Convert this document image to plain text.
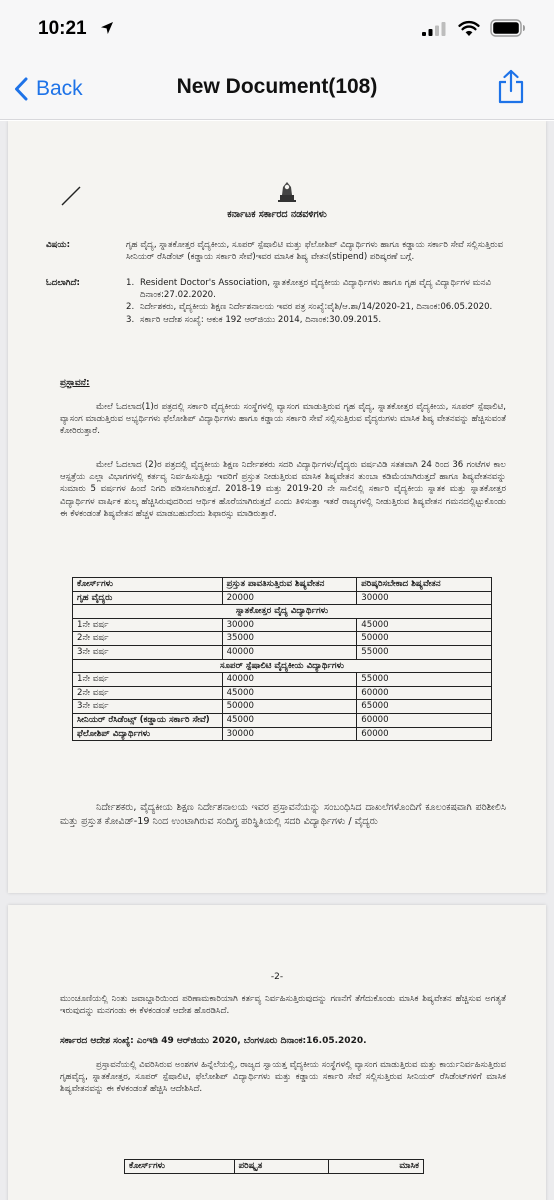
10:21
Back	New Document(108)
ಕರ್ನಾಟಕ ಸರ್ಕಾರದ ನಡವಳಿಗಳು
ವಿಷಯ:	ಗೃಹ ವೈದ್ಯ, ಸ್ನಾತಕೋತ್ತರ ವೈದ್ಯಕೀಯ, ಸೂಪರ್ ಸ್ಪೆಷಾಲಿಟಿ ಮತ್ತು ಫೆಲೋಶಿಪ್ ವಿದ್ಯಾರ್ಥಿಗಳು ಹಾಗೂ ಕಡ್ಡಾಯ ಸರ್ಕಾರಿ ಸೇವೆ ಸಲ್ಲಿಸುತ್ತಿರುವ ಸೀನಿಯರ್ ರೆಸಿಡೆಂಟ್ (ಕಡ್ಡಾಯ ಸರ್ಕಾರಿ ಸೇವೆ)ಇವರ ಮಾಸಿಕ ಶಿಷ್ಯ ವೇತನ(stipend) ಪರಿಷ್ಕರಣೆ ಬಗ್ಗೆ.
ಓದಲಾಗಿದೆ:	1. Resident Doctor's Association, ಸ್ನಾತಕೋತ್ತರ ವೈದ್ಯಕೀಯ ವಿದ್ಯಾರ್ಥಿಗಳು ಹಾಗೂ ಗೃಹ ವೈದ್ಯ ವಿದ್ಯಾರ್ಥಿಗಳ ಮನವಿ ದಿನಾಂಕ:27.02.2020.
2. ನಿರ್ದೇಶಕರು, ವೈದ್ಯಕೀಯ ಶಿಕ್ಷಣ ನಿರ್ದೇಶನಾಲಯ ಇವರ ಪತ್ರ ಸಂಖ್ಯೆ:ವೈಶಿ/ಆ.ಶಾ/14/2020-21, ದಿನಾಂಕ:06.05.2020.
3. ಸರ್ಕಾರಿ ಆದೇಶ ಸಂಖ್ಯೆ: ಆಕುಕ 192 ಆರ್‌ಜಿಯು 2014, ದಿನಾಂಕ:30.09.2015.
ಪ್ರಸ್ತಾವನೆ:

ಮೇಲೆ ಓದಲಾದ(1)ರ ಪತ್ರದಲ್ಲಿ ಸರ್ಕಾರಿ ವೈದ್ಯಕೀಯ ಸಂಸ್ಥೆಗಳಲ್ಲಿ ವ್ಯಾಸಂಗ ಮಾಡುತ್ತಿರುವ ಗೃಹ ವೈದ್ಯ, ಸ್ನಾತಕೋತ್ತರ ವೈದ್ಯಕೀಯ, ಸೂಪರ್ ಸ್ಪೆಷಾಲಿಟಿ, ವ್ಯಾಸಂಗ ಮಾಡುತ್ತಿರುವ ಅಭ್ಯರ್ಥಿಗಳು ಫೆಲೋಶಿಪ್ ವಿದ್ಯಾರ್ಥಿಗಳು ಹಾಗೂ ಕಡ್ಡಾಯ ಸರ್ಕಾರಿ ಸೇವೆ ಸಲ್ಲಿಸುತ್ತಿರುವ ವೈದ್ಯರುಗಳು ಮಾಸಿಕ ಶಿಷ್ಯ ವೇತನವನ್ನು ಹೆಚ್ಚಿಸುವಂತೆ ಕೋರಿರುತ್ತಾರೆ.

ಮೇಲೆ ಓದಲಾದ (2)ರ ಪತ್ರದಲ್ಲಿ ವೈದ್ಯಕೀಯ ಶಿಕ್ಷಣ ನಿರ್ದೇಶಕರು ಸದರಿ ವಿದ್ಯಾರ್ಥಿಗಳು/ವೈದ್ಯರು ವರ್ಷವಿಡಿ ಸತತವಾಗಿ 24 ರಿಂದ 36 ಗಂಟೆಗಳ ಕಾಲ ಆಸ್ಪತ್ರೆಯ ಎಲ್ಲಾ ವಿಭಾಗಗಳಲ್ಲಿ ಕರ್ತವ್ಯ ನಿರ್ವಹಿಸುತ್ತಿದ್ದು ಇವರಿಗೆ ಪ್ರಸ್ತುತ ನೀಡುತ್ತಿರುವ ಮಾಸಿಕ ಶಿಷ್ಯವೇತನ ತುಂಬಾ ಕಡಿಮೆಯಾಗಿರುತ್ತದೆ ಹಾಗೂ ಶಿಷ್ಯವೇತನವನ್ನು ಸುಮಾರು 5 ವರ್ಷಗಳ ಹಿಂದೆ ನಿಗದಿ ಪಡಿಸಲಾಗಿರುತ್ತದೆ. 2018-19 ಮತ್ತು 2019-20 ನೇ ಸಾಲಿನಲ್ಲಿ ಸರ್ಕಾರಿ ವೈದ್ಯಕೀಯ ಸ್ನಾತಕ ಮತ್ತು ಸ್ನಾತಕೋತ್ತರ ವಿದ್ಯಾರ್ಥಿಗಳ ವಾರ್ಷಿಕ ಶುಲ್ಕ ಹೆಚ್ಚಿಸಿರುವುದರಿಂದ ಆರ್ಥಿಕ ಹೊರೆಯಾಗಿರುತ್ತದೆ ಎಂದು ತಿಳಿಸುತ್ತಾ ಇತರೆ ರಾಜ್ಯಗಳಲ್ಲಿ ನೀಡುತ್ತಿರುವ ಶಿಷ್ಯವೇತನ ಗಮನದಲ್ಲಿಟ್ಟುಕೊಂಡು ಈ ಕೆಳಕಂಡಂತೆ ಶಿಷ್ಯವೇತನ ಹೆಚ್ಚಳ ಮಾಡಬಹುದೆಂದು ಶಿಫಾರಸ್ಸು ಮಾಡಿರುತ್ತಾರೆ.

ಕೋರ್ಸ್‌ಗಳು	ಪ್ರಸ್ತುತ ಪಾವತಿಸುತ್ತಿರುವ ಶಿಷ್ಯವೇತನ	ಪರಿಷ್ಕರಿಸಬೇಕಾದ ಶಿಷ್ಯವೇತನ
ಗೃಹ ವೈದ್ಯರು	20000	30000
ಸ್ನಾತಕೋತ್ತರ ವೈದ್ಯ ವಿದ್ಯಾರ್ಥಿಗಳು		
1ನೇ ವರ್ಷ	30000	45000
2ನೇ ವರ್ಷ	35000	50000
3ನೇ ವರ್ಷ	40000	55000
ಸೂಪರ್ ಸ್ಪೆಷಾಲಿಟಿ ವೈದ್ಯಕೀಯ ವಿದ್ಯಾರ್ಥಿಗಳು		
1ನೇ ವರ್ಷ	40000	55000
2ನೇ ವರ್ಷ	45000	60000
3ನೇ ವರ್ಷ	50000	65000
ಸೀನಿಯರ್ ರೆಸಿಡೆಂಟ್ಸ್ (ಕಡ್ಡಾಯ ಸರ್ಕಾರಿ ಸೇವೆ)	45000	60000
ಫೆಲೋಶಿಪ್ ವಿದ್ಯಾರ್ಥಿಗಳು	30000	60000

ನಿರ್ದೇಶಕರು, ವೈದ್ಯಕೀಯ ಶಿಕ್ಷಣ ನಿರ್ದೇಶನಾಲಯ ಇವರ ಪ್ರಸ್ತಾವನೆಯನ್ನು ಸಂಬಂಧಿಸಿದ ದಾಖಲೆಗಳೊಂದಿಗೆ ಕೂಲಂಕಷವಾಗಿ ಪರಿಶೀಲಿಸಿ ಮತ್ತು ಪ್ರಸ್ತುತ ಕೋವಿಡ್-19 ನಿಂದ ಉಂಟಾಗಿರುವ ಸಂದಿಗ್ಧ ಪರಿಸ್ಥಿತಿಯಲ್ಲಿ ಸದರಿ ವಿದ್ಯಾರ್ಥಿಗಳು / ವೈದ್ಯರು

-2-

ಮುಂಚೂಣಿಯಲ್ಲಿ ನಿಂತು ಜವಾಬ್ದಾರಿಯಿಂದ ಪರಿಣಾಮಕಾರಿಯಾಗಿ ಕರ್ತವ್ಯ ನಿರ್ವಹಿಸುತ್ತಿರುವುದನ್ನು ಗಣನೆಗೆ ತೆಗೆದುಕೊಂಡು ಮಾಸಿಕ ಶಿಷ್ಯವೇತನ ಹೆಚ್ಚಿಸುವ ಅಗತ್ಯತೆ ಇರುವುದನ್ನು ಮನಗಂಡು ಈ ಕೆಳಕಂಡಂತೆ ಆದೇಶ ಹೊರಡಿಸಿದೆ.

ಸರ್ಕಾರದ ಆದೇಶ ಸಂಖ್ಯೆ: ಎಂಇಡಿ 49 ಆರ್‌ಜಿಯು 2020, ಬೆಂಗಳೂರು ದಿನಾಂಕ:16.05.2020.

ಪ್ರಸ್ತಾವನೆಯಲ್ಲಿ ವಿವರಿಸಿರುವ ಅಂಶಗಳ ಹಿನ್ನೆಲೆಯಲ್ಲಿ, ರಾಜ್ಯದ ಸ್ವಾಯತ್ತ ವೈದ್ಯಕೀಯ ಸಂಸ್ಥೆಗಳಲ್ಲಿ ವ್ಯಾಸಂಗ ಮಾಡುತ್ತಿರುವ ಮತ್ತು ಕಾರ್ಯನಿರ್ವಹಿಸುತ್ತಿರುವ ಗೃಹವೈದ್ಯ, ಸ್ನಾತಕೋತ್ತರ, ಸೂಪರ್ ಸ್ಪೆಷಾಲಿಟಿ, ಫೆಲೋಶಿಪ್ ವಿದ್ಯಾರ್ಥಿಗಳು ಮತ್ತು ಕಡ್ಡಾಯ ಸರ್ಕಾರಿ ಸೇವೆ ಸಲ್ಲಿಸುತ್ತಿರುವ ಸೀನಿಯರ್ ರೆಸಿಡೆಂಟ್‌ಗಳಿಗೆ ಮಾಸಿಕ ಶಿಷ್ಯವೇತನವನ್ನು ಈ ಕೆಳಕಂಡಂತೆ ಹೆಚ್ಚಿಸಿ ಆದೇಶಿಸಿದೆ.

ಕೋರ್ಸ್‌ಗಳು	ಪರಿಷ್ಕೃತ	ಮಾಸಿಕ
